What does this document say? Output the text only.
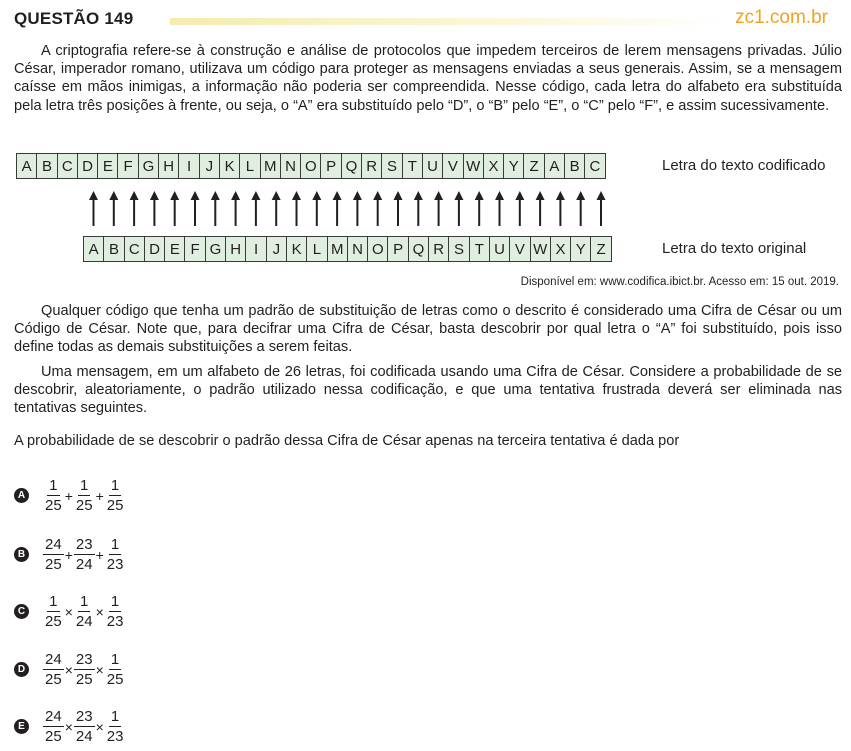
QUESTÃO 149	zc1.com.br

A criptografia refere-se à construção e análise de protocolos que impedem terceiros de lerem mensagens privadas. Júlio César, imperador romano, utilizava um código para proteger as mensagens enviadas a seus generais. Assim, se a mensagem caísse em mãos inimigas, a informação não poderia ser compreendida. Nesse código, cada letra do alfabeto era substituída pela letra três posições à frente, ou seja, o “A” era substituído pelo “D”, o “B” pelo “E”, o “C” pelo “F”, e assim sucessivamente.

A B C D E F G H I J K L M N O P Q R S T U V W X Y Z A B C	Letra do texto codificado
A B C D E F G H I J K L M N O P Q R S T U V W X Y Z	Letra do texto original
Disponível em: www.codifica.ibict.br. Acesso em: 15 out. 2019.

Qualquer código que tenha um padrão de substituição de letras como o descrito é considerado uma Cifra de César ou um Código de César. Note que, para decifrar uma Cifra de César, basta descobrir por qual letra o “A” foi substituído, pois isso define todas as demais substituições a serem feitas.

Uma mensagem, em um alfabeto de 26 letras, foi codificada usando uma Cifra de César. Considere a probabilidade de se descobrir, aleatoriamente, o padrão utilizado nessa codificação, e que uma tentativa frustrada deverá ser eliminada nas tentativas seguintes.

A probabilidade de se descobrir o padrão dessa Cifra de César apenas na terceira tentativa é dada por

A $\frac{1}{25} + \frac{1}{25} + \frac{1}{25}$
B $\frac{24}{25} + \frac{23}{24} + \frac{1}{23}$
C $\frac{1}{25} \times \frac{1}{24} \times \frac{1}{23}$
D $\frac{24}{25} \times \frac{23}{25} \times \frac{1}{25}$
E $\frac{24}{25} \times \frac{23}{24} \times \frac{1}{23}$
